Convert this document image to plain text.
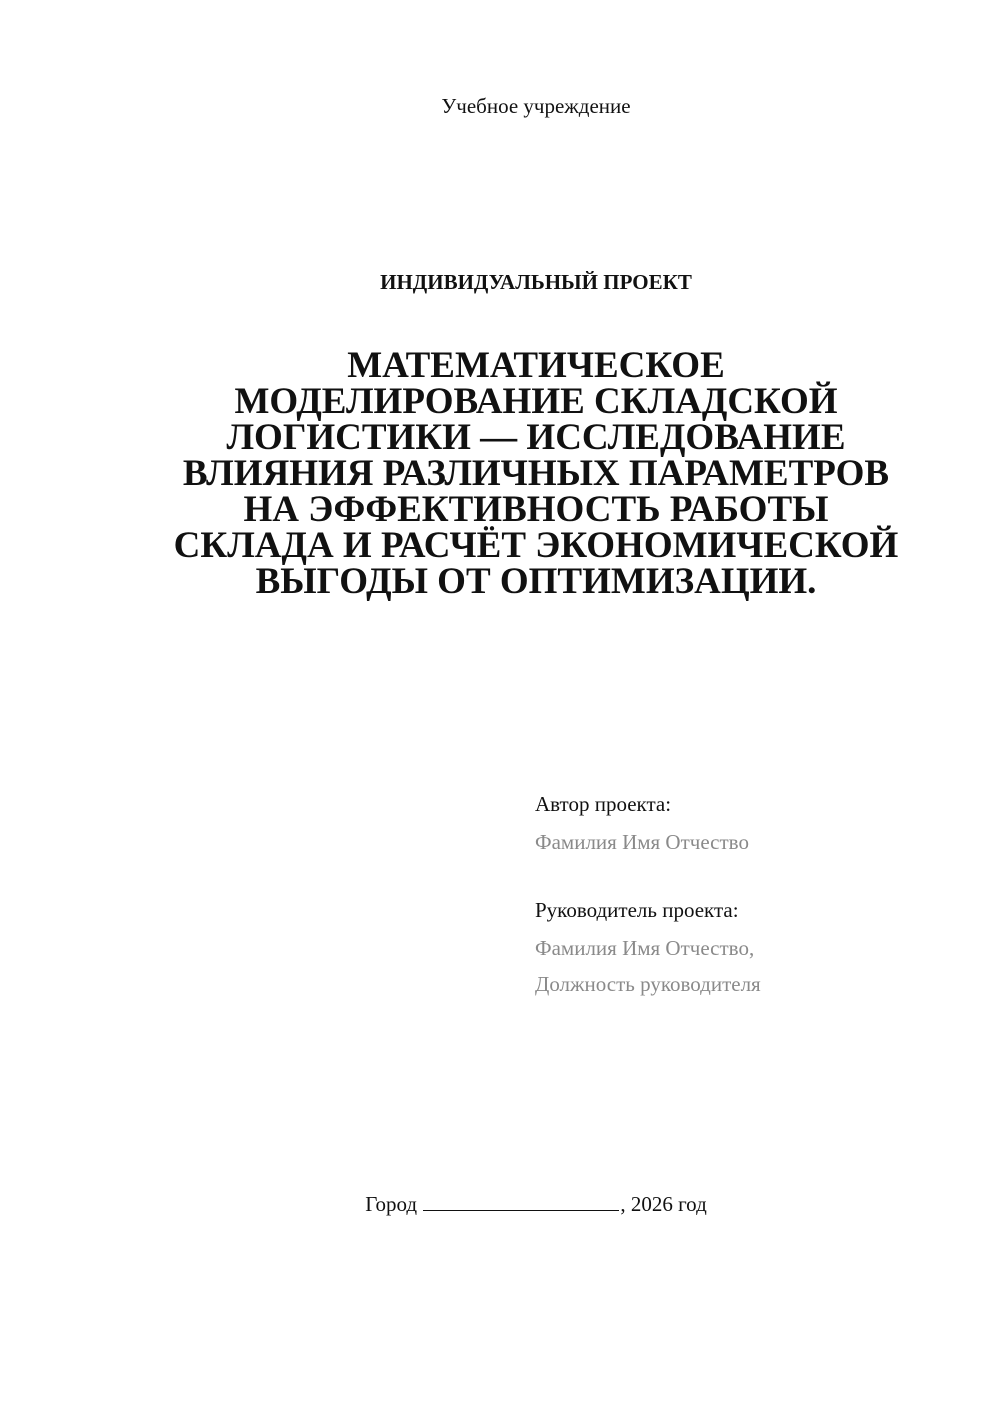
Учебное учреждение
ИНДИВИДУАЛЬНЫЙ ПРОЕКТ
МАТЕМАТИЧЕСКОЕ
МОДЕЛИРОВАНИЕ СКЛАДСКОЙ
ЛОГИСТИКИ — ИССЛЕДОВАНИЕ
ВЛИЯНИЯ РАЗЛИЧНЫХ ПАРАМЕТРОВ
НА ЭФФЕКТИВНОСТЬ РАБОТЫ
СКЛАДА И РАСЧЁТ ЭКОНОМИЧЕСКОЙ
ВЫГОДЫ ОТ ОПТИМИЗАЦИИ.
Автор проекта:
Фамилия Имя Отчество
Руководитель проекта:
Фамилия Имя Отчество,
Должность руководителя
Город	, 2026 год
